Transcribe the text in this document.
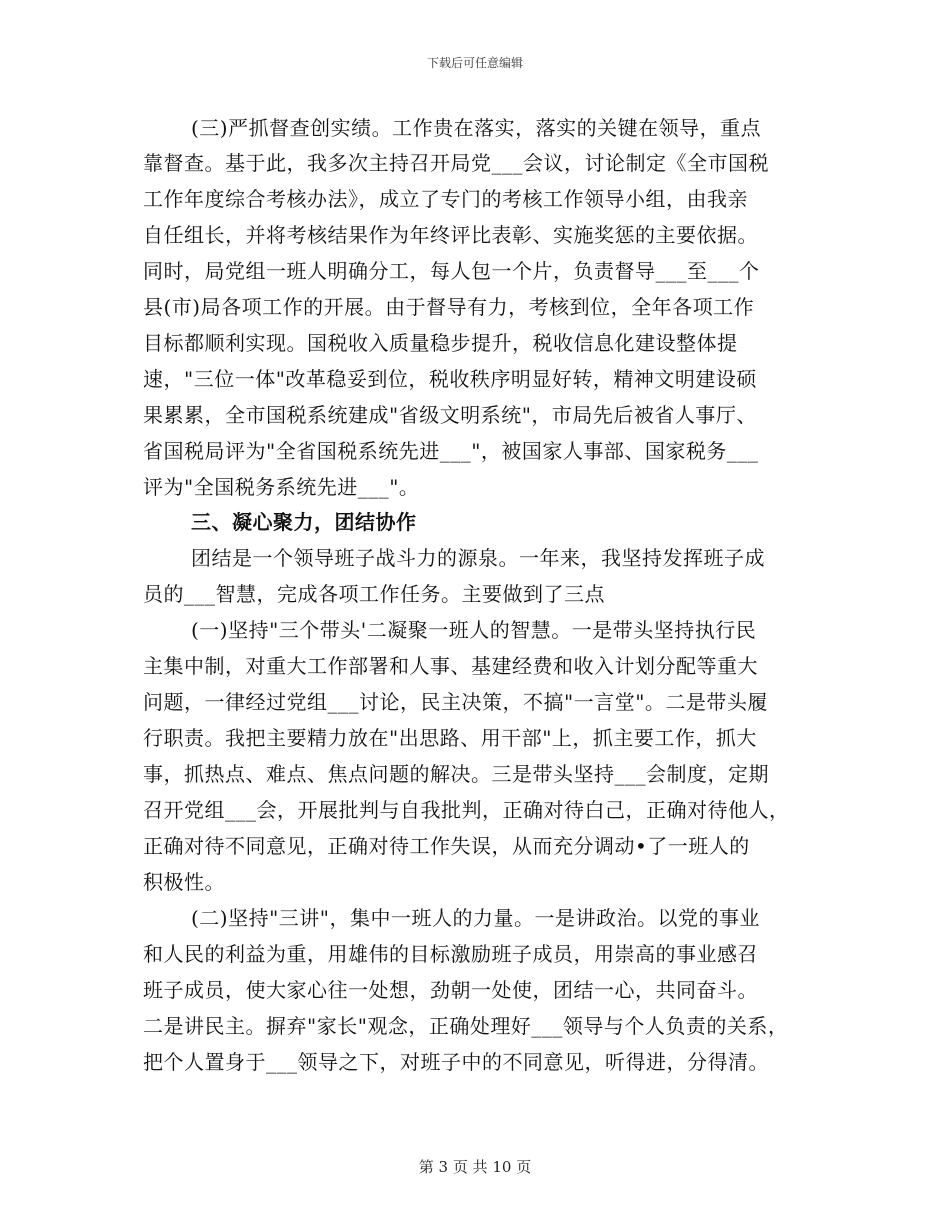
下载后可任意编辑
(三)严抓督查创实绩。工作贵在落实，落实的关键在领导，重点
靠督查。基于此，我多次主持召开局党___会议，讨论制定《全市国税
工作年度综合考核办法》，成立了专门的考核工作领导小组，由我亲
自任组长，并将考核结果作为年终评比表彰、实施奖惩的主要依据。
同时，局党组一班人明确分工，每人包一个片，负责督导___至___个
县(市)局各项工作的开展。由于督导有力，考核到位，全年各项工作
目标都顺利实现。国税收入质量稳步提升，税收信息化建设整体提
速，"三位一体"改革稳妥到位，税收秩序明显好转，精神文明建设硕
果累累，全市国税系统建成"省级文明系统"，市局先后被省人事厅、
省国税局评为"全省国税系统先进___"，被国家人事部、国家税务___
评为"全国税务系统先进___"。
三、凝心聚力，团结协作
团结是一个领导班子战斗力的源泉。一年来，我坚持发挥班子成
员的___智慧，完成各项工作任务。主要做到了三点
(一)坚持"三个带头'二凝聚一班人的智慧。一是带头坚持执行民
主集中制，对重大工作部署和人事、基建经费和收入计划分配等重大
问题，一律经过党组___讨论，民主决策，不搞"一言堂"。二是带头履
行职责。我把主要精力放在"出思路、用干部"上，抓主要工作，抓大
事，抓热点、难点、焦点问题的解决。三是带头坚持___会制度，定期
召开党组___会，开展批判与自我批判，正确对待白己，正确对待他人，
正确对待不同意见，正确对待工作失误，从而充分调动•了一班人的
积极性。
(二)坚持"三讲"，集中一班人的力量。一是讲政治。以党的事业
和人民的利益为重，用雄伟的目标激励班子成员，用崇高的事业感召
班子成员，使大家心往一处想，劲朝一处使，团结一心，共同奋斗。
二是讲民主。摒弃"家长"观念，正确处理好___领导与个人负责的关系，
把个人置身于___领导之下，对班子中的不同意见，听得进，分得清。
第 3 页 共 10 页
